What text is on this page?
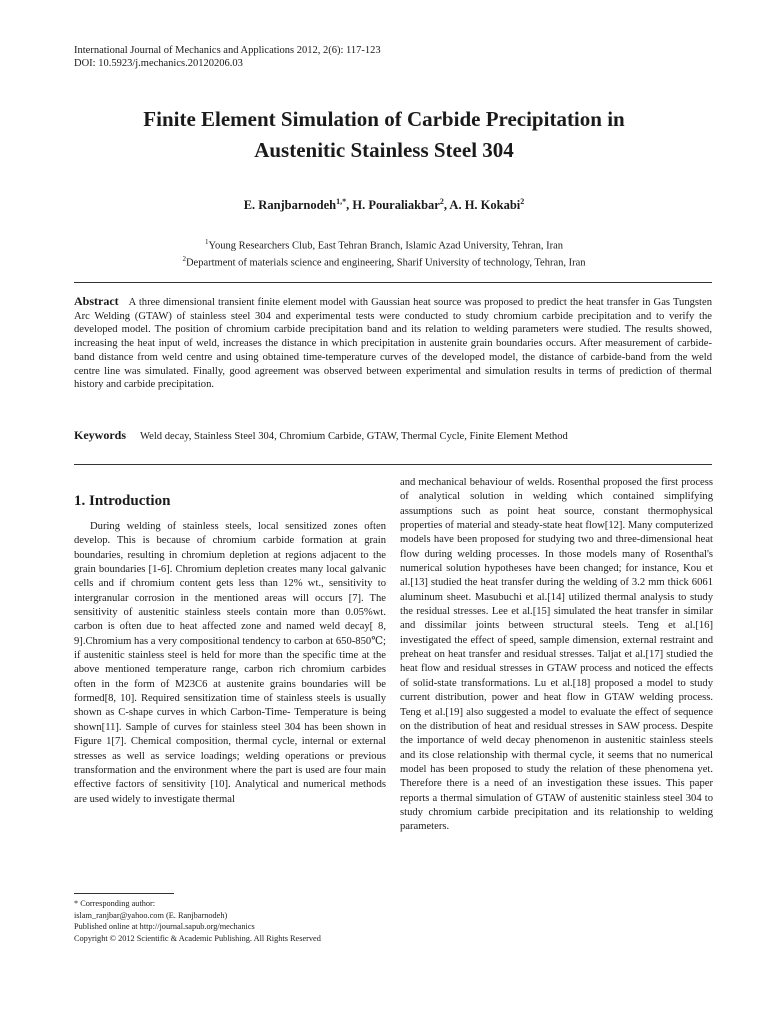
International Journal of Mechanics and Applications 2012, 2(6): 117-123
DOI: 10.5923/j.mechanics.20120206.03
Finite Element Simulation of Carbide Precipitation in
Austenitic Stainless Steel 304
E. Ranjbarnodeh$^{1,*}$, H. Pouraliakbar$^2$, A. H. Kokabi$^2$
$^1$Young Researchers Club, East Tehran Branch, Islamic Azad University, Tehran, Iran
$^2$Department of materials science and engineering, Sharif University of technology, Tehran, Iran
Abstract A three dimensional transient finite element model with Gaussian heat source was proposed to predict the heat transfer in Gas Tungsten Arc Welding (GTAW) of stainless steel 304 and experimental tests were conducted to study chromium carbide precipitation and to verify the developed model. The position of chromium carbide precipitation band and its relation to welding parameters were studied. The results showed, increasing the heat input of weld, increases the distance in which precipitation in austenite grain boundaries occurs. After measurement of carbide-band distance from weld centre and using obtained time-temperature curves of the developed model, the distance of carbide-band from the weld centre line was simulated. Finally, good agreement was observed between experimental and simulation results in terms of prediction of thermal history and carbide precipitation.
Keywords Weld decay, Stainless Steel 304, Chromium Carbide, GTAW, Thermal Cycle, Finite Element Method
1. Introduction

During welding of stainless steels, local sensitized zones often develop. This is because of chromium carbide formation at grain boundaries, resulting in chromium depletion at regions adjacent to the grain boundaries [1-6]. Chromium depletion creates many local galvanic cells and if chromium content gets less than 12% wt., sensitivity to intergranular corrosion in the mentioned areas will occurs [7]. The sensitivity of austenitic stainless steels contain more than 0.05%wt. carbon is often due to heat affected zone and named weld decay[ 8, 9].Chromium has a very compositional tendency to carbon at 650-850℃; if austenitic stainless steel is held for more than the specific time at the above mentioned temperature range, carbon rich chromium carbides often in the form of M23C6 at austenite grains boundaries will be formed[8, 10]. Required sensitization time of stainless steels is usually shown as C-shape curves in which Carbon-Time- Temperature is being shown[11]. Sample of curves for stainless steel 304 has been shown in Figure 1[7]. Chemical composition, thermal cycle, internal or external stresses as well as service loadings; welding operations or previous transformation and the environment where the part is used are four main effective factors of sensitivity [10]. Analytical and numerical methods are used widely to investigate thermal

and mechanical behaviour of welds. Rosenthal proposed the first process of analytical solution in welding which contained simplifying assumptions such as point heat source, constant thermophysical properties of material and steady-state heat flow[12]. Many computerized models have been proposed for studying two and three-dimensional heat flow during welding processes. In those models many of Rosenthal's numerical solution hypotheses have been changed; for instance, Kou et al.[13] studied the heat transfer during the welding of 3.2 mm thick 6061 aluminum sheet. Masubuchi et al.[14] utilized thermal analysis to study the residual stresses. Lee et al.[15] simulated the heat transfer in similar and dissimilar joints between structural steels. Teng et al.[16] investigated the effect of speed, sample dimension, external restraint and preheat on heat transfer and residual stresses. Taljat et al.[17] studied the heat flow and residual stresses in GTAW process and noticed the effects of solid-state transformations. Lu et al.[18] proposed a model to study current distribution, power and heat flow in GTAW welding process. Teng et al.[19] also suggested a model to evaluate the effect of sequence on the distribution of heat and residual stresses in SAW process. Despite the importance of weld decay phenomenon in austenitic stainless steels and its close relationship with thermal cycle, it seems that no numerical model has been proposed to study the relation of these phenomena yet. Therefore there is a need of an investigation these issues. This paper reports a thermal simulation of GTAW of austenitic stainless steel 304 to study chromium carbide precipitation and its relationship to welding parameters.

* Corresponding author:
islam_ranjbar@yahoo.com (E. Ranjbarnodeh)
Published online at http://journal.sapub.org/mechanics
Copyright © 2012 Scientific & Academic Publishing. All Rights Reserved
